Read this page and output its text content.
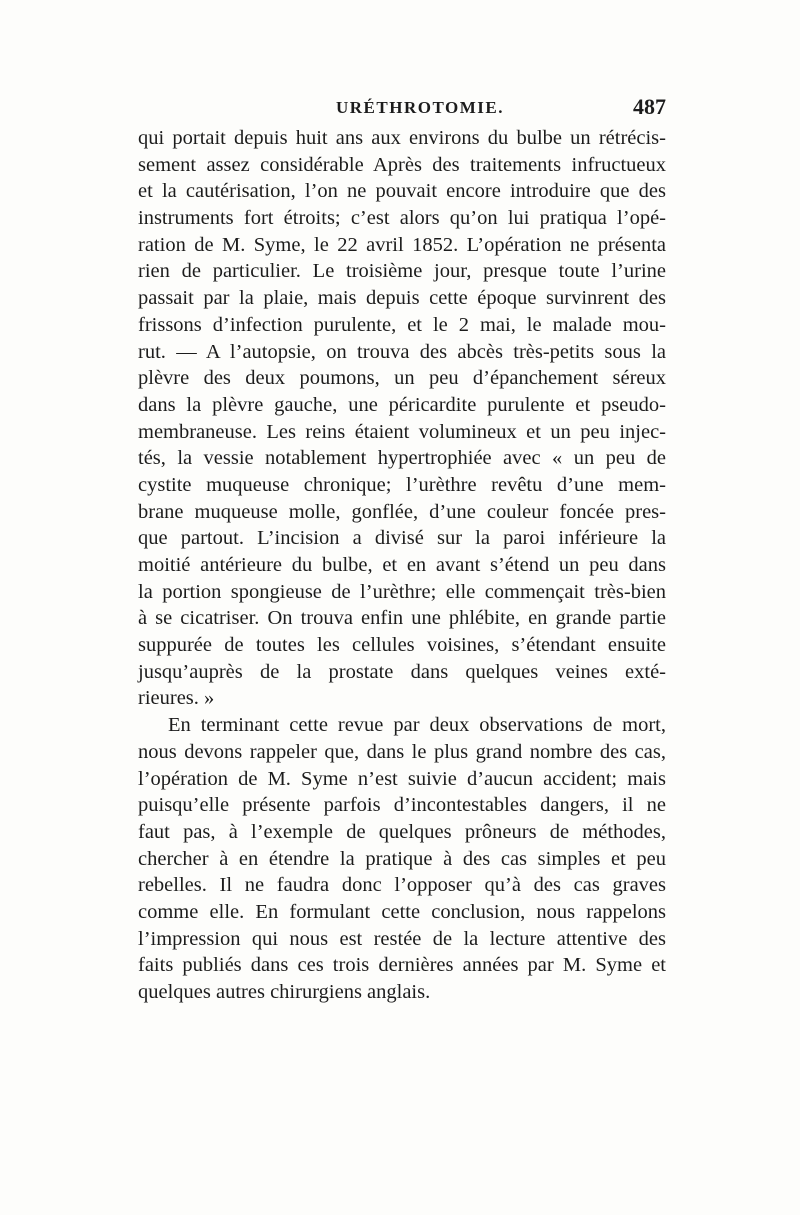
URÉTHROTOMIE.	487
qui portait depuis huit ans aux environs du bulbe un rétrécis-
sement assez considérable Après des traitements infructueux
et la cautérisation, l’on ne pouvait encore introduire que des
instruments fort étroits; c’est alors qu’on lui pratiqua l’opé-
ration de M. Syme, le 22 avril 1852. L’opération ne présenta
rien de particulier. Le troisième jour, presque toute l’urine
passait par la plaie, mais depuis cette époque survinrent des
frissons d’infection purulente, et le 2 mai, le malade mou-
rut. — A l’autopsie, on trouva des abcès très-petits sous la
plèvre des deux poumons, un peu d’épanchement séreux
dans la plèvre gauche, une péricardite purulente et pseudo-
membraneuse. Les reins étaient volumineux et un peu injec-
tés, la vessie notablement hypertrophiée avec « un peu de
cystite muqueuse chronique; l’urèthre revêtu d’une mem-
brane muqueuse molle, gonflée, d’une couleur foncée pres-
que partout. L’incision a divisé sur la paroi inférieure la
moitié antérieure du bulbe, et en avant s’étend un peu dans
la portion spongieuse de l’urèthre; elle commençait très-bien
à se cicatriser. On trouva enfin une phlébite, en grande partie
suppurée de toutes les cellules voisines, s’étendant ensuite
jusqu’auprès de la prostate dans quelques veines exté-
rieures. »
En terminant cette revue par deux observations de mort,
nous devons rappeler que, dans le plus grand nombre des cas,
l’opération de M. Syme n’est suivie d’aucun accident; mais
puisqu’elle présente parfois d’incontestables dangers, il ne
faut pas, à l’exemple de quelques prôneurs de méthodes,
chercher à en étendre la pratique à des cas simples et peu
rebelles. Il ne faudra donc l’opposer qu’à des cas graves
comme elle. En formulant cette conclusion, nous rappelons
l’impression qui nous est restée de la lecture attentive des
faits publiés dans ces trois dernières années par M. Syme et
quelques autres chirurgiens anglais.
